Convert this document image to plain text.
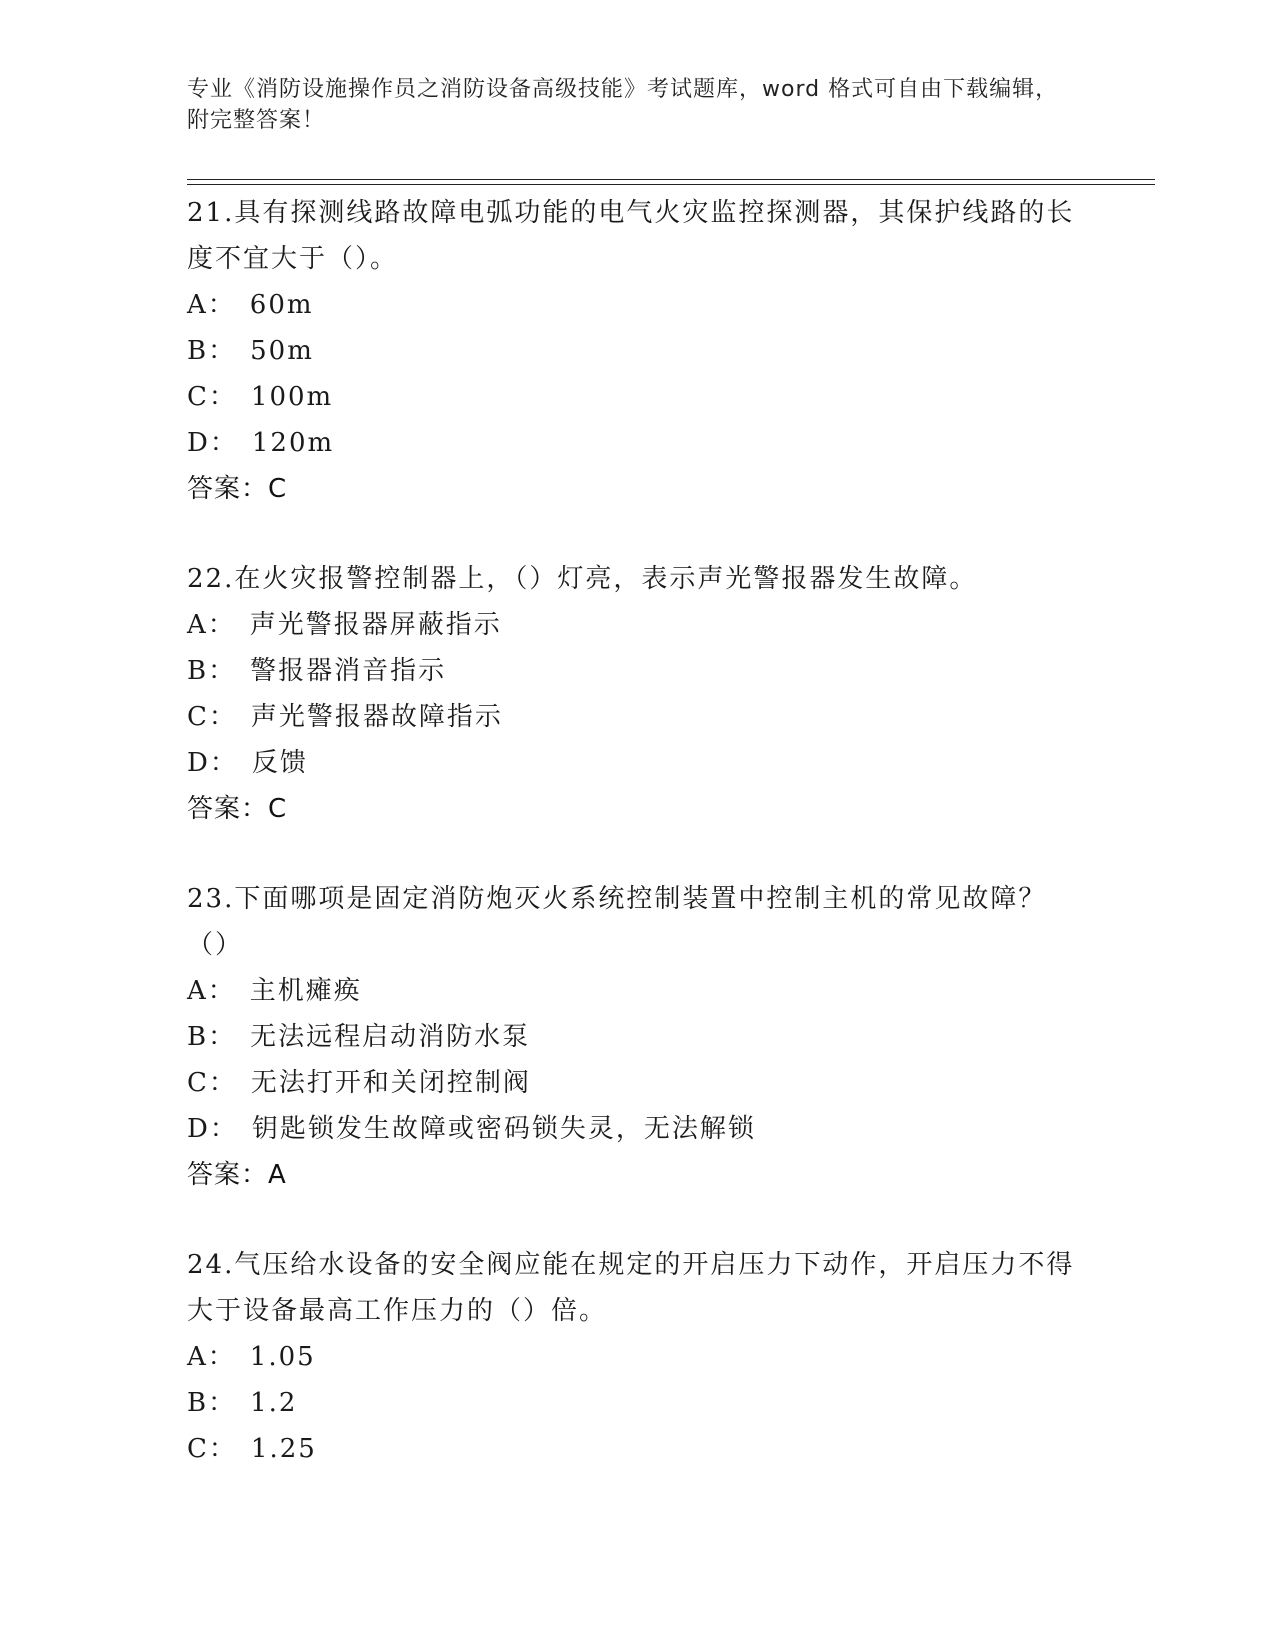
专业《消防设施操作员之消防设备高级技能》考试题库，word 格式可自由下载编辑，附完整答案！
21.具有探测线路故障电弧功能的电气火灾监控探测器，其保护线路的长度不宜大于（）。
A： 60m
B： 50m
C： 100m
D： 120m
答案：C
22.在火灾报警控制器上，（）灯亮，表示声光警报器发生故障。
A： 声光警报器屏蔽指示
B： 警报器消音指示
C： 声光警报器故障指示
D： 反馈
答案：C
23.下面哪项是固定消防炮灭火系统控制装置中控制主机的常见故障？（）
A： 主机瘫痪
B： 无法远程启动消防水泵
C： 无法打开和关闭控制阀
D： 钥匙锁发生故障或密码锁失灵，无法解锁
答案：A
24.气压给水设备的安全阀应能在规定的开启压力下动作，开启压力不得大于设备最高工作压力的（）倍。
A： 1.05
B： 1.2
C： 1.25
